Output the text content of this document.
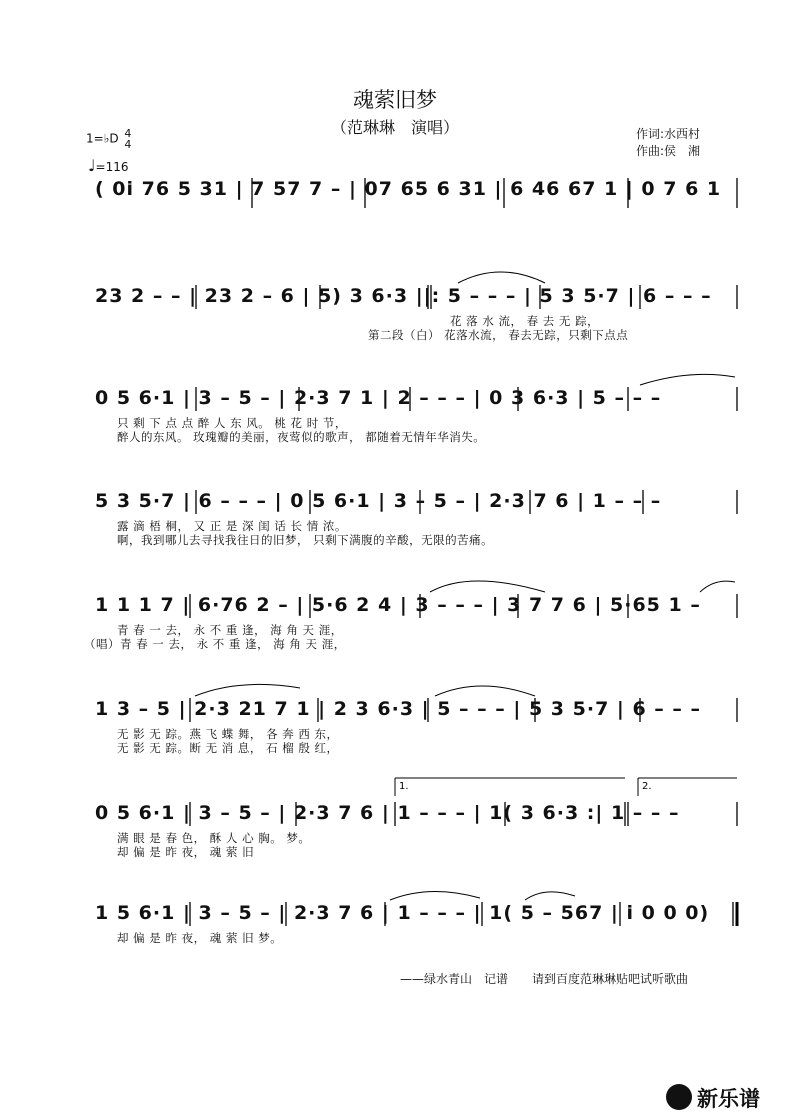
魂萦旧梦
（范琳琳　演唱）
1=♭D 4
4
♩=116
作词:水西村
作曲:侯　湘
( 0i 76 5 31 | 7 57 7 – | 07 65 6 31 | 6 46 67 1 | 0 7 6 1
23 2 – – | 23 2 – 6 | 5) 3 6·3 ||: 5 – – – | 5 3 5·7 | 6 – – –
花 落 水 流， 春 去 无 踪，
第二段（白） 花落水流， 春去无踪，只剩下点点
0 5 6·1 | 3 – 5 – | 2·3 7 1 | 2 – – – | 0 3 6·3 | 5 – – –
只 剩 下 点 点 醉 人 东 风。 桃 花 时 节，
醉人的东风。 玫瑰瓣的美丽，夜莺似的歌声， 都随着无情年华消失。
5 3 5·7 | 6 – – – | 0 5 6·1 | 3 – 5 – | 2·3 7 6 | 1 – – –
露 滴 梧 桐， 又 正 是 深 闺 话 长 情 浓。
啊，我到哪儿去寻找我往日的旧梦， 只剩下满腹的辛酸，无限的苦痛。
1 1 1 7 | 6·76 2 – | 5·6 2 4 | 3 – – – | 3 7 7 6 | 5·65 1 –
青 春 一 去， 永 不 重 逢， 海 角 天 涯，
（唱）青 春 一 去， 永 不 重 逢， 海 角 天 涯，
1 3 – 5 | 2·3 21 7 1 | 2 3 6·3 | 5 – – – | 5 3 5·7 | 6 – – –
无 影 无 踪。燕 飞 蝶 舞， 各 奔 西 东，
无 影 无 踪。断 无 消 息， 石 榴 殷 红，
1.	2.
0 5 6·1 | 3 – 5 – | 2·3 7 6 | 1 – – – | 1( 3 6·3 :| 1 – – –
满 眼 是 春 色， 酥 人 心 胸。 梦。
却 偏 是 昨 夜， 魂 萦 旧
1 5 6·1 | 3 – 5 – | 2·3 7 6 | 1 – – – | 1( 5 – 567 | i 0 0 0)
却 偏 是 昨 夜， 魂 萦 旧 梦。
——绿水青山　记谱　　请到百度范琳琳贴吧试听歌曲
新乐谱
